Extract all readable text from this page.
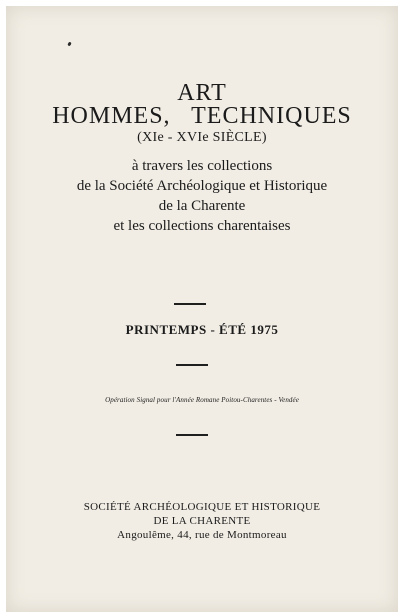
ART
HOMMES, TECHNIQUES
(XIe - XVIe SIÈCLE)
à travers les collections
de la Société Archéologique et Historique
de la Charente
et les collections charentaises
PRINTEMPS - ÉTÉ 1975
Opération Signal pour l'Année Romane Poitou-Charentes - Vendée
SOCIÉTÉ ARCHÉOLOGIQUE ET HISTORIQUE
DE LA CHARENTE
Angoulême, 44, rue de Montmoreau
